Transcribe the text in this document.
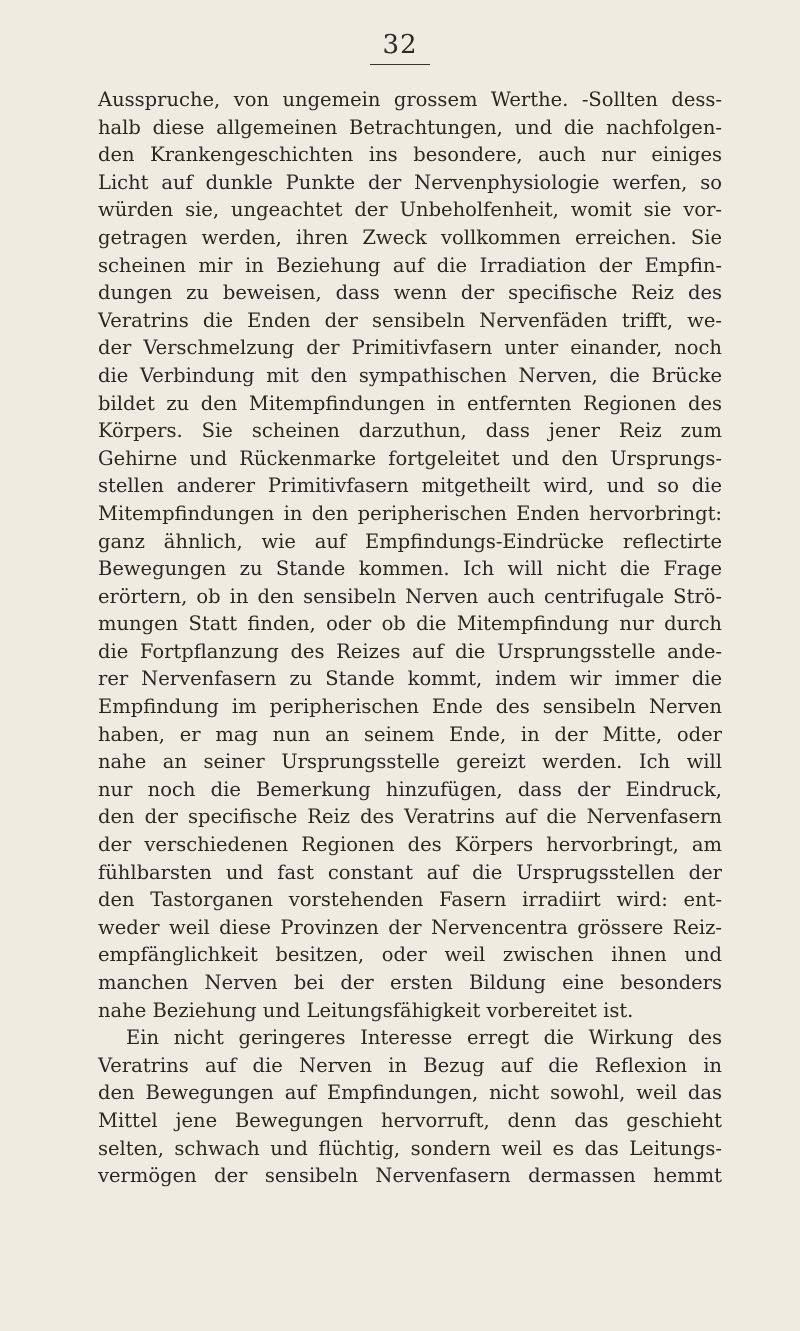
32
Ausspruche, von ungemein grossem Werthe. -Sollten dess-
halb diese allgemeinen Betrachtungen, und die nachfolgen-
den Krankengeschichten ins besondere, auch nur einiges
Licht auf dunkle Punkte der Nervenphysiologie werfen, so
würden sie, ungeachtet der Unbeholfenheit, womit sie vor-
getragen werden, ihren Zweck vollkommen erreichen. Sie
scheinen mir in Beziehung auf die Irradiation der Empfin-
dungen zu beweisen, dass wenn der specifische Reiz des
Veratrins die Enden der sensibeln Nervenfäden trifft, we-
der Verschmelzung der Primitivfasern unter einander, noch
die Verbindung mit den sympathischen Nerven, die Brücke
bildet zu den Mitempfindungen in entfernten Regionen des
Körpers. Sie scheinen darzuthun, dass jener Reiz zum
Gehirne und Rückenmarke fortgeleitet und den Ursprungs-
stellen anderer Primitivfasern mitgetheilt wird, und so die
Mitempfindungen in den peripherischen Enden hervorbringt:
ganz ähnlich, wie auf Empfindungs-Eindrücke reflectirte
Bewegungen zu Stande kommen. Ich will nicht die Frage
erörtern, ob in den sensibeln Nerven auch centrifugale Strö-
mungen Statt finden, oder ob die Mitempfindung nur durch
die Fortpflanzung des Reizes auf die Ursprungsstelle ande-
rer Nervenfasern zu Stande kommt, indem wir immer die
Empfindung im peripherischen Ende des sensibeln Nerven
haben, er mag nun an seinem Ende, in der Mitte, oder
nahe an seiner Ursprungsstelle gereizt werden. Ich will
nur noch die Bemerkung hinzufügen, dass der Eindruck,
den der specifische Reiz des Veratrins auf die Nervenfasern
der verschiedenen Regionen des Körpers hervorbringt, am
fühlbarsten und fast constant auf die Ursprugsstellen der
den Tastorganen vorstehenden Fasern irradiirt wird: ent-
weder weil diese Provinzen der Nervencentra grössere Reiz-
empfänglichkeit besitzen, oder weil zwischen ihnen und
manchen Nerven bei der ersten Bildung eine besonders
nahe Beziehung und Leitungsfähigkeit vorbereitet ist.
Ein nicht geringeres Interesse erregt die Wirkung des
Veratrins auf die Nerven in Bezug auf die Reflexion in
den Bewegungen auf Empfindungen, nicht sowohl, weil das
Mittel jene Bewegungen hervorruft, denn das geschieht
selten, schwach und flüchtig, sondern weil es das Leitungs-
vermögen der sensibeln Nervenfasern dermassen hemmt
